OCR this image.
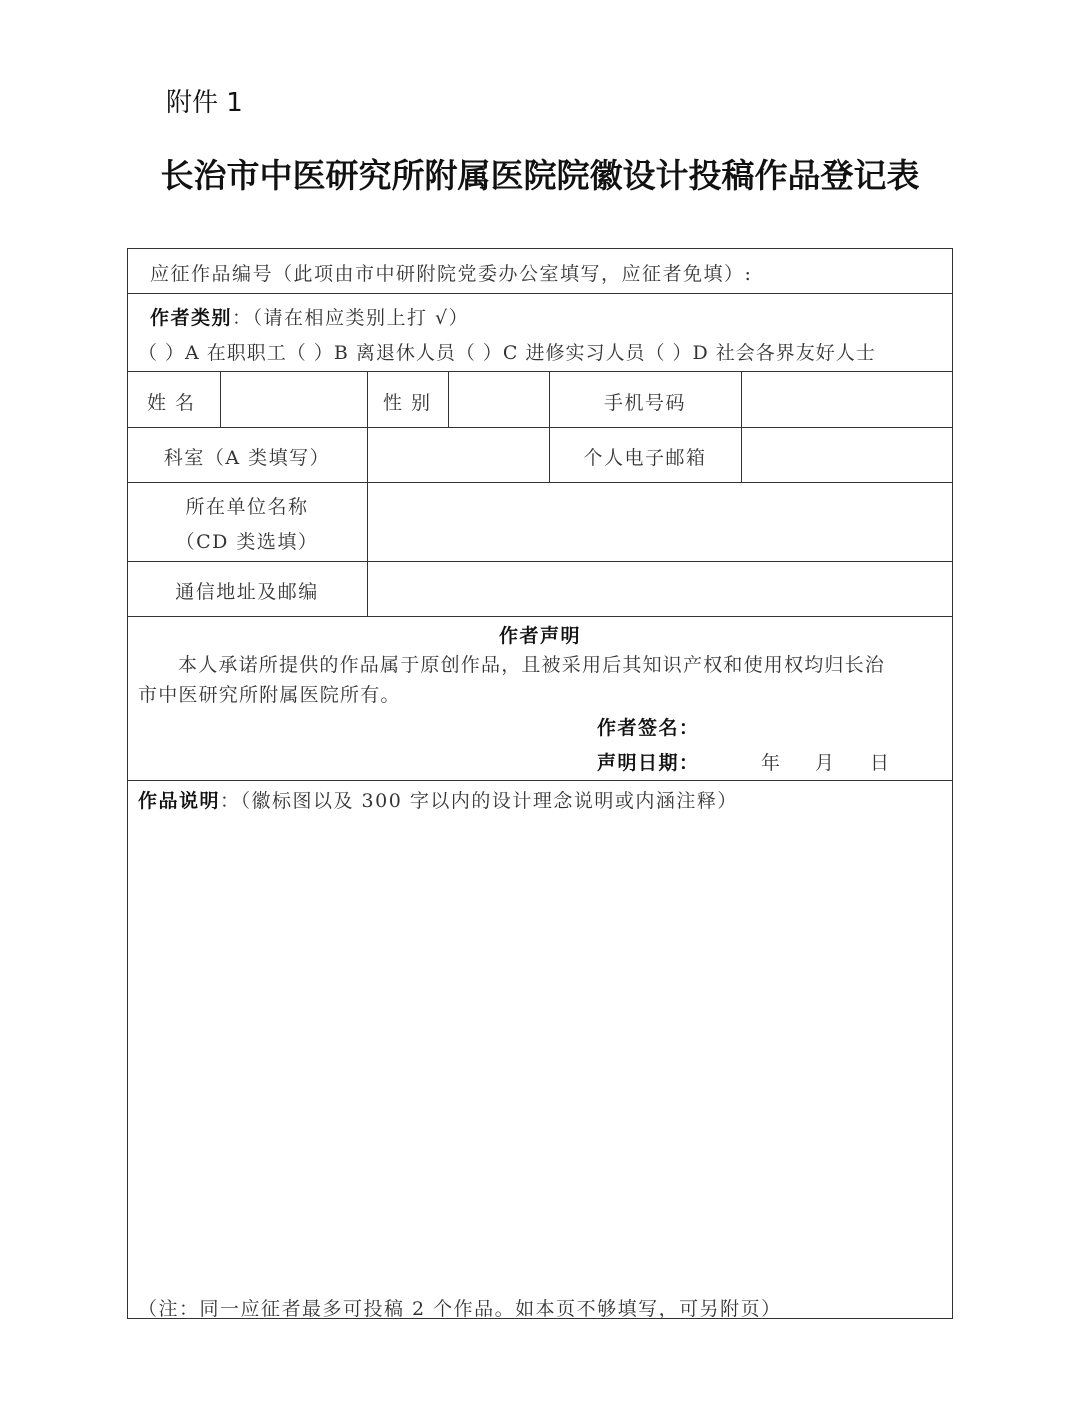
附件 1
长治市中医研究所附属医院院徽设计投稿作品登记表
应征作品编号（此项由市中研附院党委办公室填写，应征者免填）:
作者类别：（请在相应类别上打 √）
（ ）A 在职职工（ ）B 离退休人员（ ）C 进修实习人员（ ）D 社会各界友好人士
姓 名	性 别	手机号码
科室（A 类填写）	个人电子邮箱
所在单位名称
（CD 类选填）
通信地址及邮编
作者声明
本人承诺所提供的作品属于原创作品，且被采用后其知识产权和使用权均归长治
市中医研究所附属医院所有。
作者签名：
声明日期：	年 月 日
作品说明：（徽标图以及 300 字以内的设计理念说明或内涵注释）
（注：同一应征者最多可投稿 2 个作品。如本页不够填写，可另附页）
